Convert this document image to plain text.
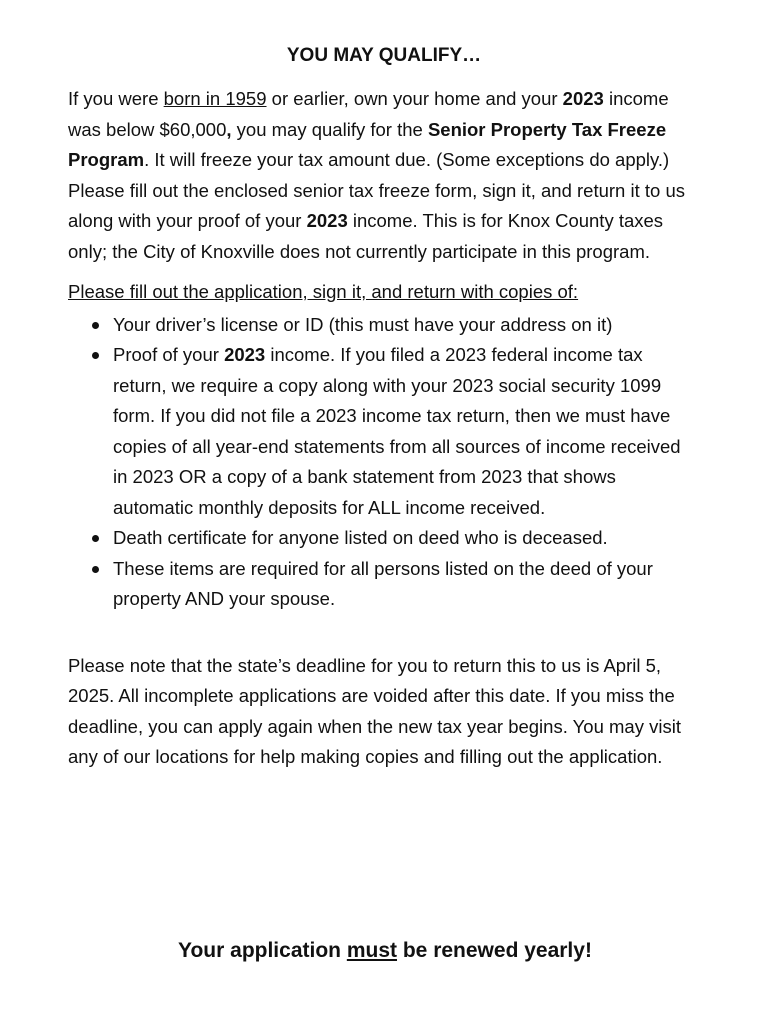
YOU MAY QUALIFY…

If you were born in 1959 or earlier, own your home and your 2023 income was below $60,000, you may qualify for the Senior Property Tax Freeze Program. It will freeze your tax amount due. (Some exceptions do apply.) Please fill out the enclosed senior tax freeze form, sign it, and return it to us along with your proof of your 2023 income. This is for Knox County taxes only; the City of Knoxville does not currently participate in this program.

Please fill out the application, sign it, and return with copies of:
Your driver’s license or ID (this must have your address on it)
Proof of your 2023 income. If you filed a 2023 federal income tax return, we require a copy along with your 2023 social security 1099 form. If you did not file a 2023 income tax return, then we must have copies of all year-end statements from all sources of income received in 2023 OR a copy of a bank statement from 2023 that shows automatic monthly deposits for ALL income received.
Death certificate for anyone listed on deed who is deceased.
These items are required for all persons listed on the deed of your property AND your spouse.

Please note that the state’s deadline for you to return this to us is April 5, 2025. All incomplete applications are voided after this date. If you miss the deadline, you can apply again when the new tax year begins. You may visit any of our locations for help making copies and filling out the application.

Your application must be renewed yearly!
